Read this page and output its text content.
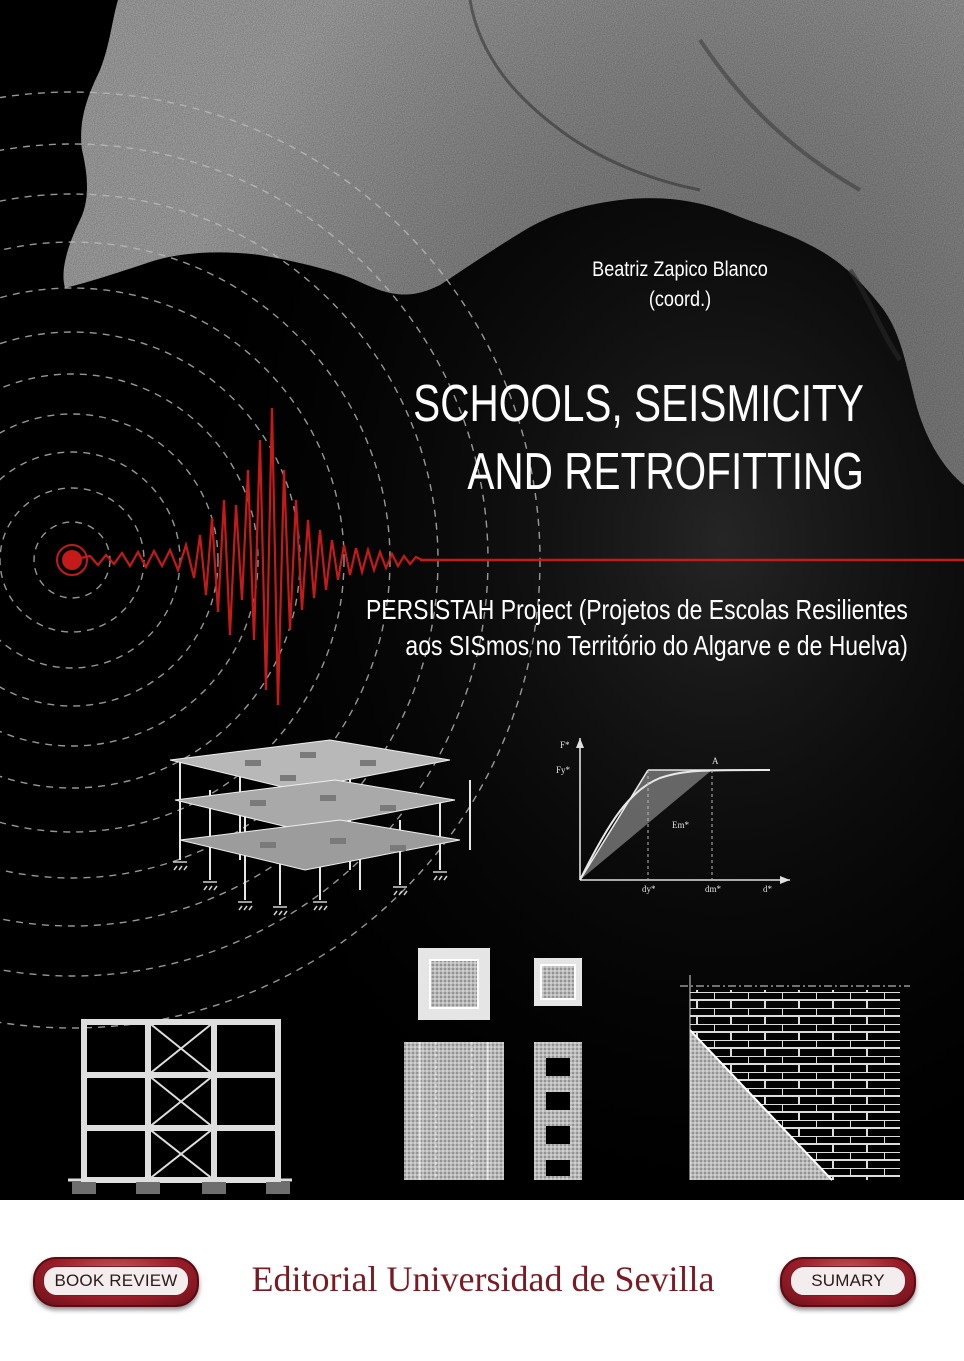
F*
Fy*
A
Em*
dy*	dm*	d*
Beatriz Zapico Blanco
(coord.)
SCHOOLS, SEISMICITY
AND RETROFITTING
PERSISTAH Project (Projetos de Escolas Resilientes
aos SISmos no Território do Algarve e de Huelva)
BOOK REVIEW	Editorial Universidad de Sevilla	SUMARY
